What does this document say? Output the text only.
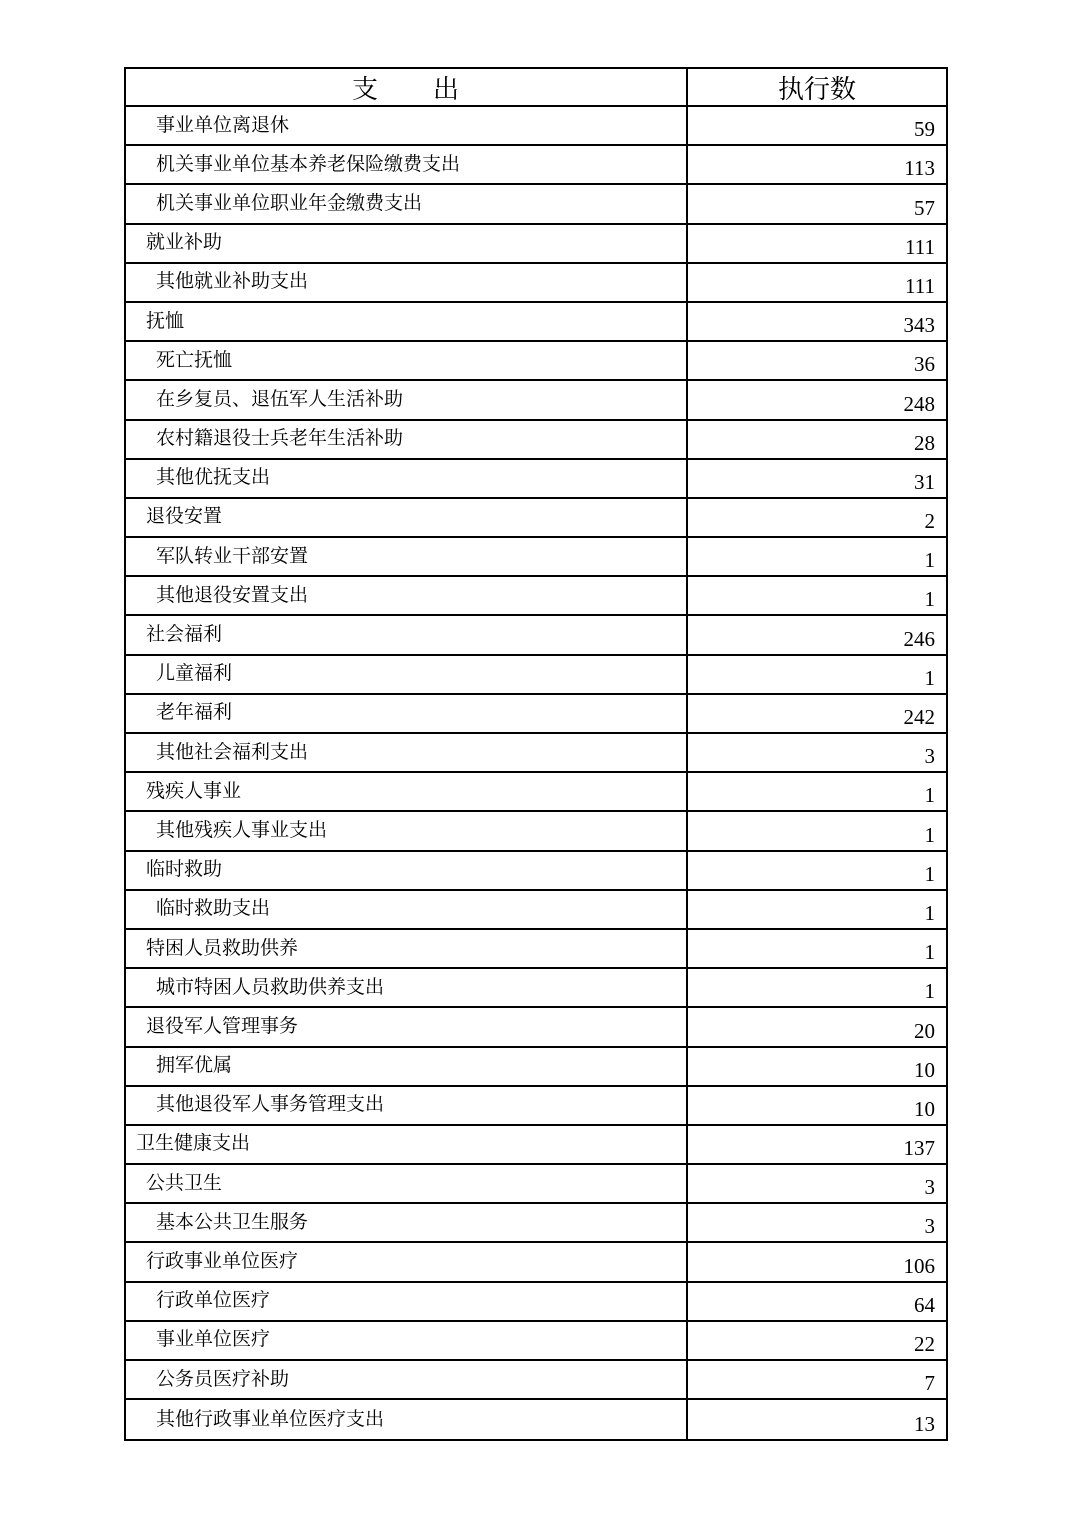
支　　出	执行数
事业单位离退休	59
机关事业单位基本养老保险缴费支出	113
机关事业单位职业年金缴费支出	57
就业补助	111
其他就业补助支出	111
抚恤	343
死亡抚恤	36
在乡复员、退伍军人生活补助	248
农村籍退役士兵老年生活补助	28
其他优抚支出	31
退役安置	2
军队转业干部安置	1
其他退役安置支出	1
社会福利	246
儿童福利	1
老年福利	242
其他社会福利支出	3
残疾人事业	1
其他残疾人事业支出	1
临时救助	1
临时救助支出	1
特困人员救助供养	1
城市特困人员救助供养支出	1
退役军人管理事务	20
拥军优属	10
其他退役军人事务管理支出	10
卫生健康支出	137
公共卫生	3
基本公共卫生服务	3
行政事业单位医疗	106
行政单位医疗	64
事业单位医疗	22
公务员医疗补助	7
其他行政事业单位医疗支出	13
